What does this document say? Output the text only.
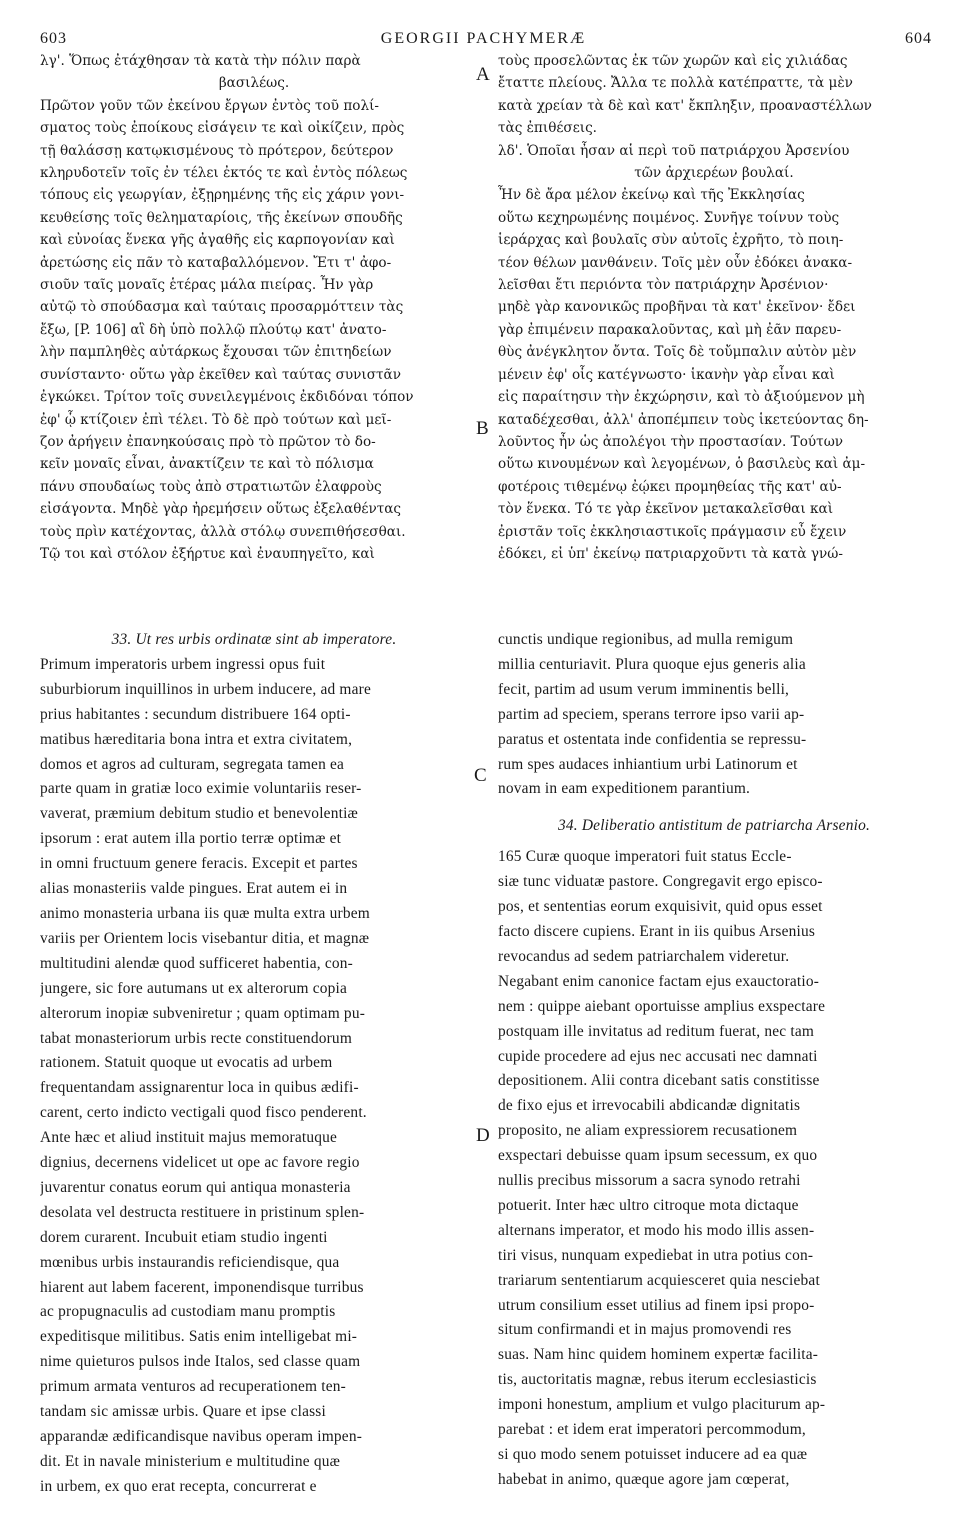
603	GEORGII PACHYMERÆ	604
λγ'. Ὅπως ἐτάχθησαν τὰ κατὰ τὴν πόλιν παρὰ
βασιλέως.
Πρῶτον γοῦν τῶν ἐκείνου ἔργων ἐντὸς τοῦ πολί-
σματος τοὺς ἐποίκους εἰσάγειν τε καὶ οἰκίζειν, πρὸς
τῇ θαλάσσῃ κατῳκισμένους τὸ πρότερον, δεύτερον
κληρυδοτεῖν τοῖς ἐν τέλει ἐκτός τε καὶ ἐντὸς πόλεως
τόπους εἰς γεωργίαν, ἐξῃρημένης τῆς εἰς χάριν γονι-
κευθείσης τοῖς θεληματαρίοις, τῆς ἐκείνων σπουδῆς
καὶ εὐνοίας ἕνεκα γῆς ἀγαθῆς εἰς καρπογονίαν καὶ
ἀρετώσης εἰς πᾶν τὸ καταβαλλόμενον. Ἔτι τ' ἀφο-
σιοῦν ταῖς μοναῖς ἑτέρας μάλα πιείρας. Ἦν γὰρ
αὐτῷ τὸ σπούδασμα καὶ ταύταις προσαρμόττειν τὰς
ἔξω, [P. 106] αἳ δὴ ὑπὸ πολλῷ πλούτῳ κατ' ἀνατο-
λὴν παμπληθὲς αὐτάρκως ἔχουσαι τῶν ἐπιτηδείων
συνίσταντο· οὕτω γὰρ ἐκεῖθεν καὶ ταύτας συνιστᾶν
ἐγκώκει. Τρίτον τοῖς συνειλεγμένοις ἐκδιδόναι τόπον
ἐφ' ᾧ κτίζοιεν ἐπὶ τέλει. Τὸ δὲ πρὸ τούτων καὶ μεῖ-
ζον ἀρήγειν ἐπανηκούσαις πρὸ τὸ πρῶτον τὸ δο-
κεῖν μοναῖς εἶναι, ἀνακτίζειν τε καὶ τὸ πόλισμα
πάνυ σπουδαίως τοὺς ἀπὸ στρατιωτῶν ἐλαφροὺς
εἰσάγοντα. Μηδὲ γὰρ ἠρεμήσειν οὕτως ἐξελαθέντας
τοὺς πρὶν κατέχοντας, ἀλλὰ στόλῳ συνεπιθήσεσθαι.
Τῷ τοι καὶ στόλον ἐξήρτυε καὶ ἐναυπηγεῖτο, καὶ
τοὺς προσελῶντας ἐκ τῶν χωρῶν καὶ εἰς χιλιάδας
ἔταττε πλείους. Ἄλλα τε πολλὰ κατέπραττε, τὰ μὲν
κατὰ χρείαν τὰ δὲ καὶ κατ' ἔκπληξιν, προαναστέλλων
τὰς ἐπιθέσεις.
λδ'. Ὁποῖαι ἦσαν αἱ περὶ τοῦ πατριάρχου Ἀρσενίου
τῶν ἀρχιερέων βουλαί.
Ἦν δὲ ἄρα μέλον ἐκείνῳ καὶ τῆς Ἐκκλησίας
οὕτω κεχηρωμένης ποιμένος. Συνῆγε τοίνυν τοὺς
ἱεράρχας καὶ βουλαῖς σὺν αὐτοῖς ἐχρῆτο, τὸ ποιη-
τέον θέλων μανθάνειν. Τοῖς μὲν οὖν ἐδόκει ἀνακα-
λεῖσθαι ἔτι περιόντα τὸν πατριάρχην Ἀρσένιον·
μηδὲ γὰρ κανονικῶς προβῆναι τὰ κατ' ἐκεῖνον· ἔδει
γὰρ ἐπιμένειν παρακαλοῦντας, καὶ μὴ ἐᾶν παρευ-
θὺς ἀνέγκλητον ὄντα. Τοῖς δὲ τοὔμπαλιν αὐτὸν μὲν
μένειν ἐφ' οἷς κατέγνωστο· ἱκανὴν γὰρ εἶναι καὶ
εἰς παραίτησιν τὴν ἐκχώρησιν, καὶ τὸ ἀξιούμενον μὴ
καταδέχεσθαι, ἀλλ' ἀποπέμπειν τοὺς ἱκετεύοντας δη-
λοῦντος ἦν ὡς ἀπολέγοι τὴν προστασίαν. Τούτων
οὕτω κινουμένων καὶ λεγομένων, ὁ βασιλεὺς καὶ ἀμ-
φοτέροις τιθεμένῳ ἐῴκει προμηθείας τῆς κατ' αὐ-
τὸν ἕνεκα. Τό τε γὰρ ἐκεῖνον μετακαλεῖσθαι καὶ
ἐριστᾶν τοῖς ἐκκλησιαστικοῖς πράγμασιν εὖ ἔχειν
ἐδόκει, εἰ ὑπ' ἐκείνῳ πατριαρχοῦντι τὰ κατὰ γνώ-
33. Ut res urbis ordinatæ sint ab imperatore.
Primum imperatoris urbem ingressi opus fuit
suburbiorum inquillinos in urbem inducere, ad mare
prius habitantes : secundum distribuere 164 opti-
matibus hæreditaria bona intra et extra civitatem,
domos et agros ad culturam, segregata tamen ea
parte quam in gratiæ loco eximie voluntariis reser-
vaverat, præmium debitum studio et benevolentiæ
ipsorum : erat autem illa portio terræ optimæ et
in omni fructuum genere feracis. Excepit et partes
alias monasteriis valde pingues. Erat autem ei in
animo monasteria urbana iis quæ multa extra urbem
variis per Orientem locis visebantur ditia, et magnæ
multitudini alendæ quod sufficeret habentia, con-
jungere, sic fore autumans ut ex alterorum copia
alterorum inopiæ subveniretur ; quam optimam pu-
tabat monasteriorum urbis recte constituendorum
rationem. Statuit quoque ut evocatis ad urbem
frequentandam assignarentur loca in quibus ædifi-
carent, certo indicto vectigali quod fisco penderent.
Ante hæc et aliud instituit majus memoratuque
dignius, decernens videlicet ut ope ac favore regio
juvarentur conatus eorum qui antiqua monasteria
desolata vel destructa restituere in pristinum splen-
dorem curarent. Incubuit etiam studio ingenti
mœnibus urbis instaurandis reficiendisque, qua
hiarent aut labem facerent, imponendisque turribus
ac propugnaculis ad custodiam manu promptis
expeditisque militibus. Satis enim intelligebat mi-
nime quieturos pulsos inde Italos, sed classe quam
primum armata venturos ad recuperationem ten-
tandam sic amissæ urbis. Quare et ipse classi
apparandæ ædificandisque navibus operam impen-
dit. Et in navale ministerium e multitudine quæ
in urbem, ex quo erat recepta, concurrerat e
cunctis undique regionibus, ad mulla remigum
millia centuriavit. Plura quoque ejus generis alia
fecit, partim ad usum verum imminentis belli,
partim ad speciem, sperans terrore ipso varii ap-
paratus et ostentata inde confidentia se repressu-
rum spes audaces inhiantium urbi Latinorum et
novam in eam expeditionem parantium.
34. Deliberatio antistitum de patriarcha Arsenio.
165 Curæ quoque imperatori fuit status Eccle-
siæ tunc viduatæ pastore. Congregavit ergo episco-
pos, et sententias eorum exquisivit, quid opus esset
facto discere cupiens. Erant in iis quibus Arsenius
revocandus ad sedem patriarchalem videretur.
Negabant enim canonice factam ejus exauctoratio-
nem : quippe aiebant oportuisse amplius exspectare
postquam ille invitatus ad reditum fuerat, nec tam
cupide procedere ad ejus nec accusati nec damnati
depositionem. Alii contra dicebant satis constitisse
de fixo ejus et irrevocabili abdicandæ dignitatis
proposito, ne aliam expressiorem recusationem
exspectari debuisse quam ipsum secessum, ex quo
nullis precibus missorum a sacra synodo retrahi
potuerit. Inter hæc ultro citroque mota dictaque
alternans imperator, et modo his modo illis assen-
tiri visus, nunquam expediebat in utra potius con-
trariarum sententiarum acquiesceret quia nesciebat
utrum consilium esset utilius ad finem ipsi propo-
situm confirmandi et in majus promovendi res
suas. Nam hinc quidem hominem expertæ facilita-
tis, auctoritatis magnæ, rebus iterum ecclesiasticis
imponi honestum, amplium et vulgo placiturum ap-
parebat : et idem erat imperatori percommodum,
si quo modo senem potuisset inducere ad ea quæ
habebat in animo, quæque agore jam cœperat,
A
B
C
D
